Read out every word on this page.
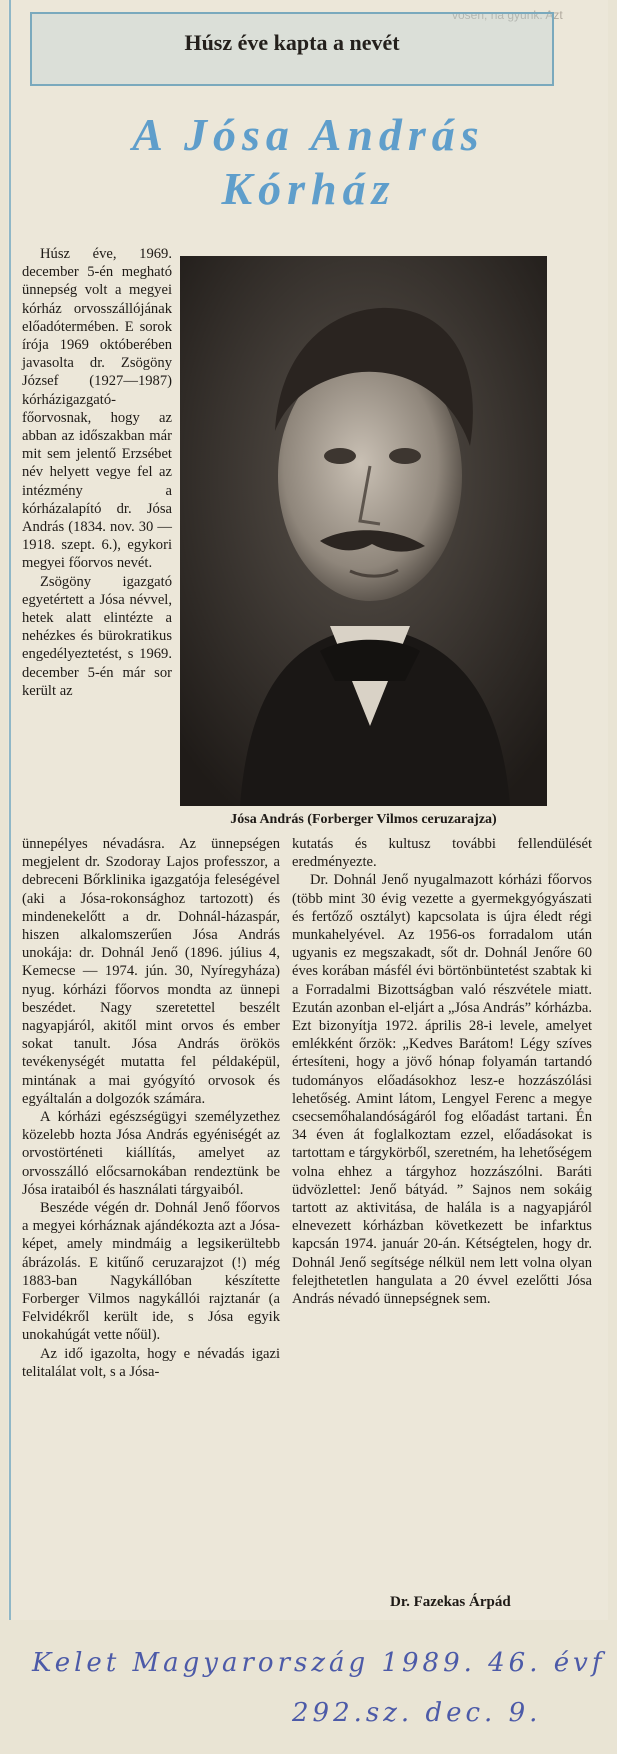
vosen, na gyunk. Azt
Húsz éve kapta a nevét
A Jósa András
Kórház

Húsz éve, 1969. december 5-én megható ünnepség volt a megyei kórház orvosszállójának előadótermében. E sorok írója 1969 októberében javasolta dr. Zsögöny József (1927—1987) kórházigazgató-főorvosnak, hogy az abban az időszakban már mit sem jelentő Erzsébet név helyett vegye fel az intézmény a kórházalapító dr. Jósa András (1834. nov. 30 — 1918. szept. 6.), egykori megyei főorvos nevét.

Zsögöny igazgató egyetértett a Jósa névvel, hetek alatt elintézte a nehézkes és bürokratikus engedélyeztetést, s 1969. december 5-én már sor került az

Jósa András (Forberger Vilmos ceruzarajza)

ünnepélyes névadásra. Az ünnepségen megjelent dr. Szodoray Lajos professzor, a debreceni Bőrklinika igazgatója feleségével (aki a Jósa-rokonsághoz tartozott) és mindenekelőtt a dr. Dohnál-házaspár, hiszen alkalomszerűen Jósa András unokája: dr. Dohnál Jenő (1896. július 4, Kemecse — 1974. jún. 30, Nyíregyháza) nyug. kórházi főorvos mondta az ünnepi beszédet. Nagy szeretettel beszélt nagyapjáról, akitől mint orvos és ember sokat tanult. Jósa András örökös tevékenységét mutatta fel példaképül, mintának a mai gyógyító orvosok és egyáltalán a dolgozók számára.

A kórházi egészségügyi személyzethez közelebb hozta Jósa András egyéniségét az orvostörténeti kiállítás, amelyet az orvosszálló előcsarnokában rendeztünk be Jósa irataiból és használati tárgyaiból.

Beszéde végén dr. Dohnál Jenő főorvos a megyei kórháznak ajándékozta azt a Jósa-képet, amely mindmáig a legsikerültebb ábrázolás. E kitűnő ceruzarajzot (!) még 1883-ban Nagykállóban készítette Forberger Vilmos nagykállói rajztanár (a Felvidékről került ide, s Jósa egyik unokahúgát vette nőül).

Az idő igazolta, hogy e névadás igazi telitalálat volt, s a Jósa-

kutatás és kultusz további fellendülését eredményezte.

Dr. Dohnál Jenő nyugalmazott kórházi főorvos (több mint 30 évig vezette a gyermekgyógyászati és fertőző osztályt) kapcsolata is újra éledt régi munkahelyével. Az 1956-os forradalom után ugyanis ez megszakadt, sőt dr. Dohnál Jenőre 60 éves korában másfél évi börtönbüntetést szabtak ki a Forradalmi Bizottságban való részvétele miatt. Ezután azonban el-eljárt a „Jósa András” kórházba. Ezt bizonyítja 1972. április 28-i levele, amelyet emlékként őrzök: „Kedves Barátom! Légy szíves értesíteni, hogy a jövő hónap folyamán tartandó tudományos előadásokhoz lesz-e hozzászólási lehetőség. Amint látom, Lengyel Ferenc a megye csecsemőhalandóságáról fog előadást tartani. Én 34 éven át foglalkoztam ezzel, előadásokat is tartottam e tárgykörből, szeretném, ha lehetőségem volna ehhez a tárgyhoz hozzászólni. Baráti üdvözlettel: Jenő bátyád. ” Sajnos nem sokáig tartott az aktivitása, de halála is a nagyapjáról elnevezett kórházban következett be infarktus kapcsán 1974. január 20-án. Kétségtelen, hogy dr. Dohnál Jenő segítsége nélkül nem lett volna olyan felejthetetlen hangulata a 20 évvel ezelőtti Jósa András névadó ünnepségnek sem.

Dr. Fazekas Árpád
Kelet Magyarország 1989. 46. évf
292.sz. dec. 9.
